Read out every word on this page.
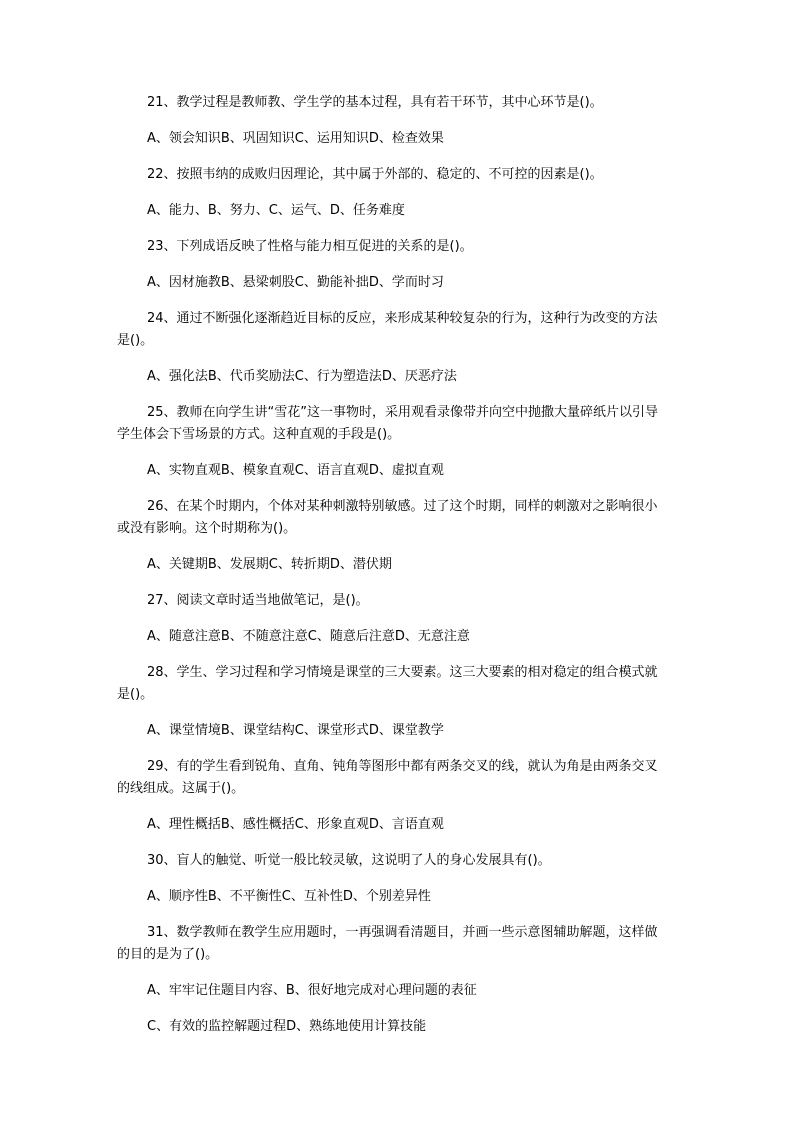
21、教学过程是教师教、学生学的基本过程，具有若干环节，其中心环节是()。

A、领会知识B、巩固知识C、运用知识D、检查效果

22、按照韦纳的成败归因理论，其中属于外部的、稳定的、不可控的因素是()。

A、能力、B、努力、C、运气、D、任务难度

23、下列成语反映了性格与能力相互促进的关系的是()。

A、因材施教B、悬梁刺股C、勤能补拙D、学而时习

24、通过不断强化逐渐趋近目标的反应，来形成某种较复杂的行为，这种行为改变的方法是()。

A、强化法B、代币奖励法C、行为塑造法D、厌恶疗法

25、教师在向学生讲“雪花”这一事物时，采用观看录像带并向空中抛撒大量碎纸片以引导学生体会下雪场景的方式。这种直观的手段是()。

A、实物直观B、模象直观C、语言直观D、虚拟直观

26、在某个时期内，个体对某种刺激特别敏感。过了这个时期，同样的刺激对之影响很小或没有影响。这个时期称为()。

A、关键期B、发展期C、转折期D、潜伏期

27、阅读文章时适当地做笔记，是()。

A、随意注意B、不随意注意C、随意后注意D、无意注意

28、学生、学习过程和学习情境是课堂的三大要素。这三大要素的相对稳定的组合模式就是()。

A、课堂情境B、课堂结构C、课堂形式D、课堂教学

29、有的学生看到锐角、直角、钝角等图形中都有两条交叉的线，就认为角是由两条交叉的线组成。这属于()。

A、理性概括B、感性概括C、形象直观D、言语直观

30、盲人的触觉、听觉一般比较灵敏，这说明了人的身心发展具有()。

A、顺序性B、不平衡性C、互补性D、个别差异性

31、数学教师在教学生应用题时，一再强调看清题目，并画一些示意图辅助解题，这样做的目的是为了()。

A、牢牢记住题目内容、B、很好地完成对心理问题的表征

C、有效的监控解题过程D、熟练地使用计算技能
